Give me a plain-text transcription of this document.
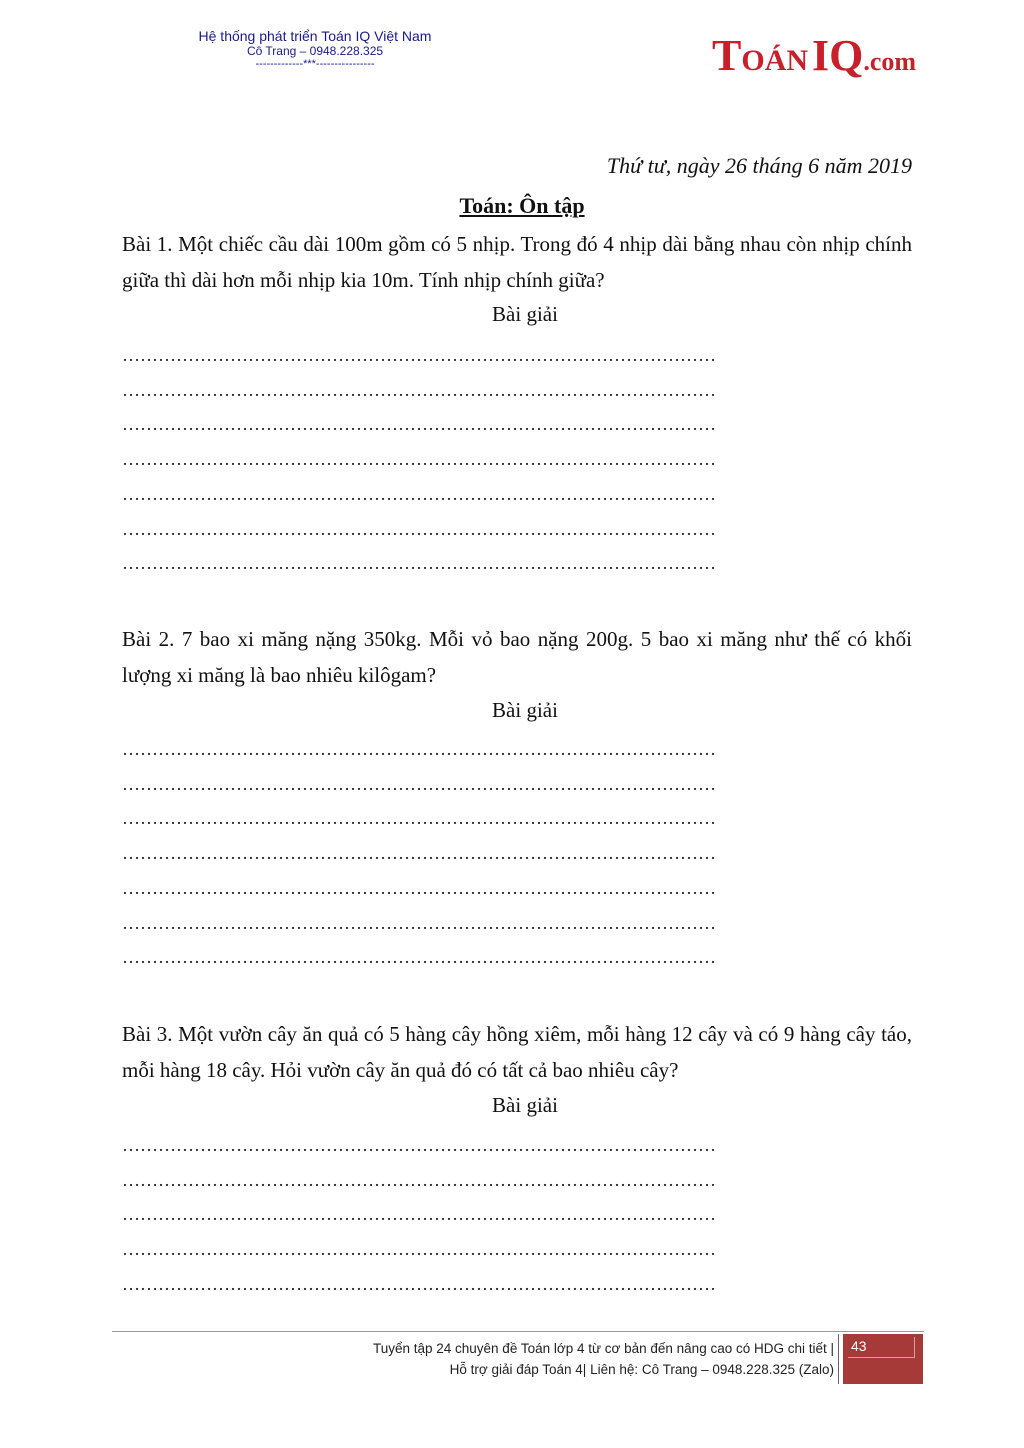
Hệ thống phát triển Toán IQ Việt Nam
Cô Trang – 0948.228.325
-------------***----------------	TOÁN IQ.com
Thứ tư, ngày 26 tháng 6 năm 2019
Toán: Ôn tập
Bài 1. Một chiếc cầu dài 100m gồm có 5 nhịp. Trong đó 4 nhịp dài bằng nhau còn nhịp chính giữa thì dài hơn mỗi nhịp kia 10m. Tính nhịp chính giữa?
Bài giải
………………………………………………………………………………………
………………………………………………………………………………………
………………………………………………………………………………………
………………………………………………………………………………………
………………………………………………………………………………………
………………………………………………………………………………………
………………………………………………………………………………………
Bài 2. 7 bao xi măng nặng 350kg. Mỗi vỏ bao nặng 200g. 5 bao xi măng như thế có khối lượng xi măng là bao nhiêu kilôgam?
Bài giải
………………………………………………………………………………………
………………………………………………………………………………………
………………………………………………………………………………………
………………………………………………………………………………………
………………………………………………………………………………………
………………………………………………………………………………………
………………………………………………………………………………………
Bài 3. Một vườn cây ăn quả có 5 hàng cây hồng xiêm, mỗi hàng 12 cây và có 9 hàng cây táo, mỗi hàng 18 cây. Hỏi vườn cây ăn quả đó có tất cả bao nhiêu cây?
Bài giải
………………………………………………………………………………………
………………………………………………………………………………………
………………………………………………………………………………………
………………………………………………………………………………………
………………………………………………………………………………………
Tuyển tập 24 chuyên đề Toán lớp 4 từ cơ bản đến nâng cao có HDG chi tiết |
Hỗ trợ giải đáp Toán 4| Liên hệ: Cô Trang – 0948.228.325 (Zalo)
43
